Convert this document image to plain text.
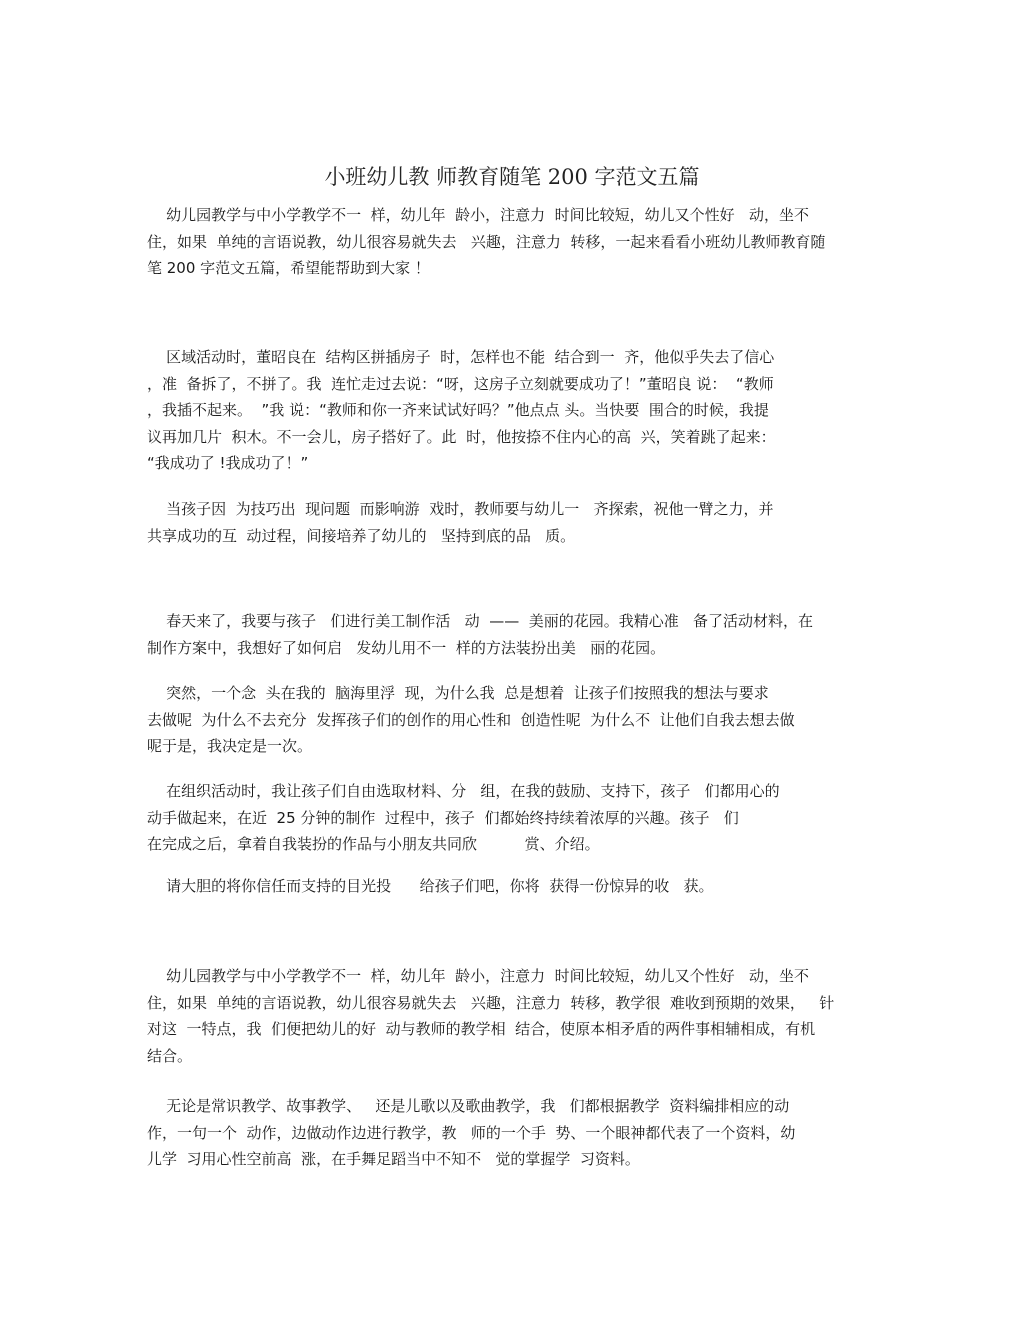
小班幼儿教 师教育随笔 200 字范文五篇
幼儿园教学与中小学教学不一  样，幼儿年  龄小，注意力  时间比较短，幼儿又个性好   动，坐不
住，如果  单纯的言语说教，幼儿很容易就失去   兴趣，注意力  转移，一起来看看小班幼儿教师教育随
笔 200 字范文五篇，希望能帮助到大家 ！
区域活动时，董昭良在  结构区拼插房子  时，怎样也不能  结合到一  齐，他似乎失去了信心
，准  备拆了，不拼了。我  连忙走过去说：“呀，这房子立刻就要成功了！”董昭良 说：  “教师
，我插不起来。  ”我 说：“教师和你一齐来试试好吗？”他点点 头。当快要  围合的时候，我提
议再加几片  积木。不一会儿，房子搭好了。此  时，他按捺不住内心的高  兴，笑着跳了起来：
“我成功了 !我成功了！”
当孩子因  为技巧出  现问题  而影响游  戏时，教师要与幼儿一   齐探索，祝他一臂之力，并
共享成功的互  动过程，间接培养了幼儿的   坚持到底的品   质。
春天来了，我要与孩子   们进行美工制作活   动  ——  美丽的花园。我精心准   备了活动材料，在
制作方案中，我想好了如何启   发幼儿用不一  样的方法装扮出美   丽的花园。
突然，一个念  头在我的  脑海里浮  现，为什么我  总是想着  让孩子们按照我的想法与要求
去做呢  为什么不去充分  发挥孩子们的创作的用心性和  创造性呢  为什么不  让他们自我去想去做
呢于是，我决定是一次。
在组织活动时，我让孩子们自由选取材料、分   组，在我的鼓励、支持下，孩子   们都用心的
动手做起来，在近  25 分钟的制作  过程中，孩子  们都始终持续着浓厚的兴趣。孩子   们
在完成之后，拿着自我装扮的作品与小朋友共同欣          赏、介绍。
请大胆的将你信任而支持的目光投      给孩子们吧，你将  获得一份惊异的收   获。
幼儿园教学与中小学教学不一  样，幼儿年  龄小，注意力  时间比较短，幼儿又个性好   动，坐不
住，如果  单纯的言语说教，幼儿很容易就失去   兴趣，注意力  转移，教学很  难收到预期的效果，   针
对这  一特点，我  们便把幼儿的好  动与教师的教学相  结合，使原本相矛盾的两件事相辅相成，有机
结合。
无论是常识教学、故事教学、   还是儿歌以及歌曲教学，我   们都根据教学  资料编排相应的动
作，一句一个  动作，边做动作边进行教学，教   师的一个手  势、一个眼神都代表了一个资料，幼
儿学  习用心性空前高  涨，在手舞足蹈当中不知不   觉的掌握学  习资料。
